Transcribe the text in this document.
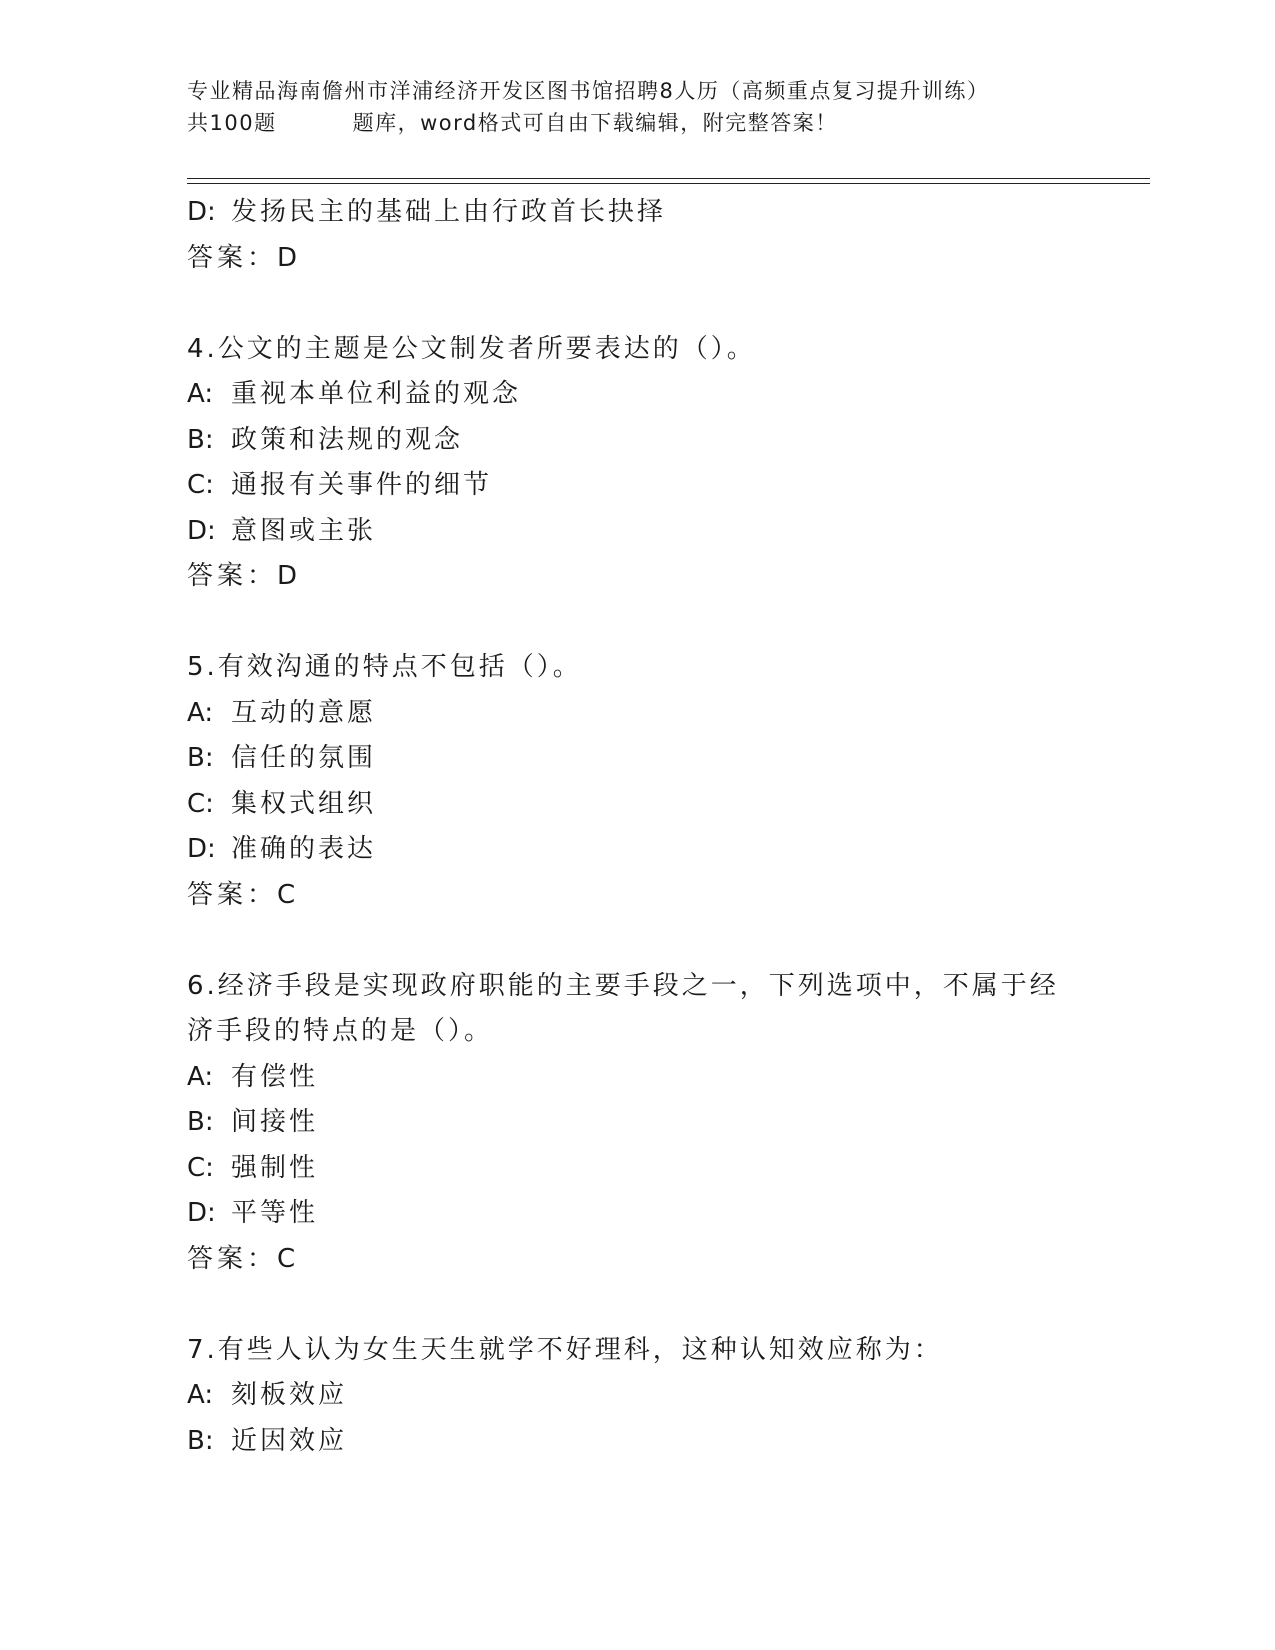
专业精品海南儋州市洋浦经济开发区图书馆招聘8人历（高频重点复习提升训练）
共100题	题库，word格式可自由下载编辑，附完整答案！
D: 发扬民主的基础上由行政首长抉择
答案：D
4.公文的主题是公文制发者所要表达的（）。
A: 重视本单位利益的观念
B: 政策和法规的观念
C: 通报有关事件的细节
D: 意图或主张
答案：D
5.有效沟通的特点不包括（）。
A: 互动的意愿
B: 信任的氛围
C: 集权式组织
D: 准确的表达
答案：C
6.经济手段是实现政府职能的主要手段之一，下列选项中，不属于经
济手段的特点的是（）。
A: 有偿性
B: 间接性
C: 强制性
D: 平等性
答案：C
7.有些人认为女生天生就学不好理科，这种认知效应称为：
A: 刻板效应
B: 近因效应
